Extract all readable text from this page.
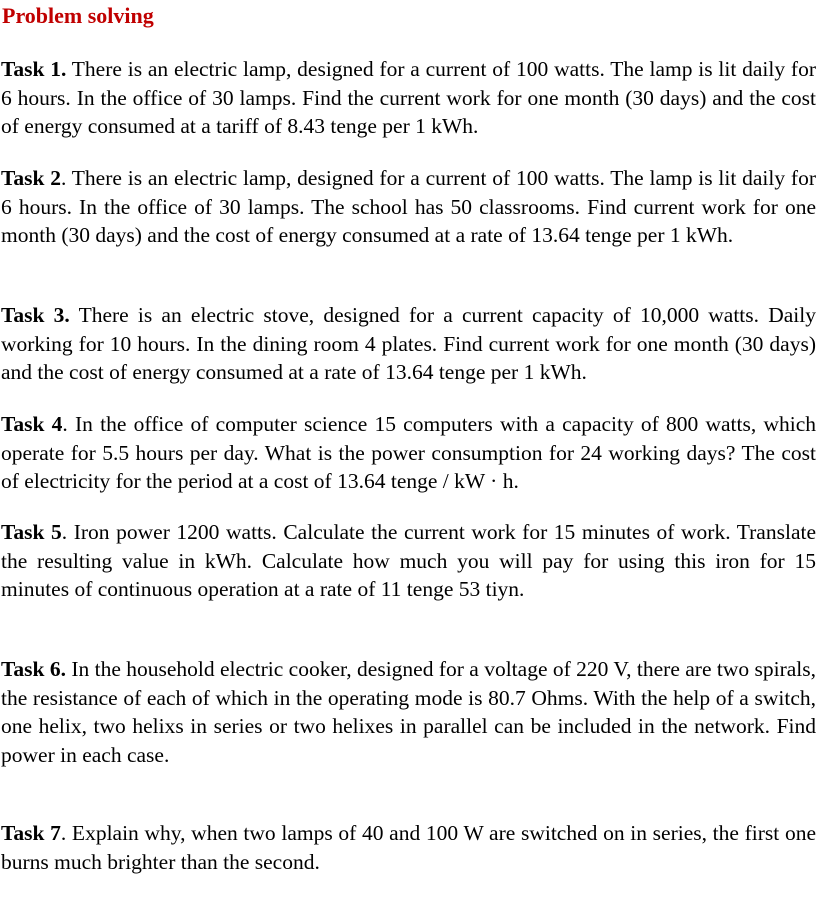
Problem solving

Task 1. There is an electric lamp, designed for a current of 100 watts. The lamp is lit daily for 6 hours. In the office of 30 lamps. Find the current work for one month (30 days) and the cost of energy consumed at a tariff of 8.43 tenge per 1 kWh.

Task 2. There is an electric lamp, designed for a current of 100 watts. The lamp is lit daily for 6 hours. In the office of 30 lamps. The school has 50 classrooms. Find current work for one month (30 days) and the cost of energy consumed at a rate of 13.64 tenge per 1 kWh.

Task 3. There is an electric stove, designed for a current capacity of 10,000 watts. Daily working for 10 hours. In the dining room 4 plates. Find current work for one month (30 days) and the cost of energy consumed at a rate of 13.64 tenge per 1 kWh.

Task 4. In the office of computer science 15 computers with a capacity of 800 watts, which operate for 5.5 hours per day. What is the power consumption for 24 working days? The cost of electricity for the period at a cost of 13.64 tenge / kW · h.

Task 5. Iron power 1200 watts. Calculate the current work for 15 minutes of work. Translate the resulting value in kWh. Calculate how much you will pay for using this iron for 15 minutes of continuous operation at a rate of 11 tenge 53 tiyn.

Task 6. In the household electric cooker, designed for a voltage of 220 V, there are two spirals, the resistance of each of which in the operating mode is 80.7 Ohms. With the help of a switch, one helix, two helixs in series or two helixes in parallel can be included in the network. Find power in each case.

Task 7. Explain why, when two lamps of 40 and 100 W are switched on in series, the first one burns much brighter than the second.
